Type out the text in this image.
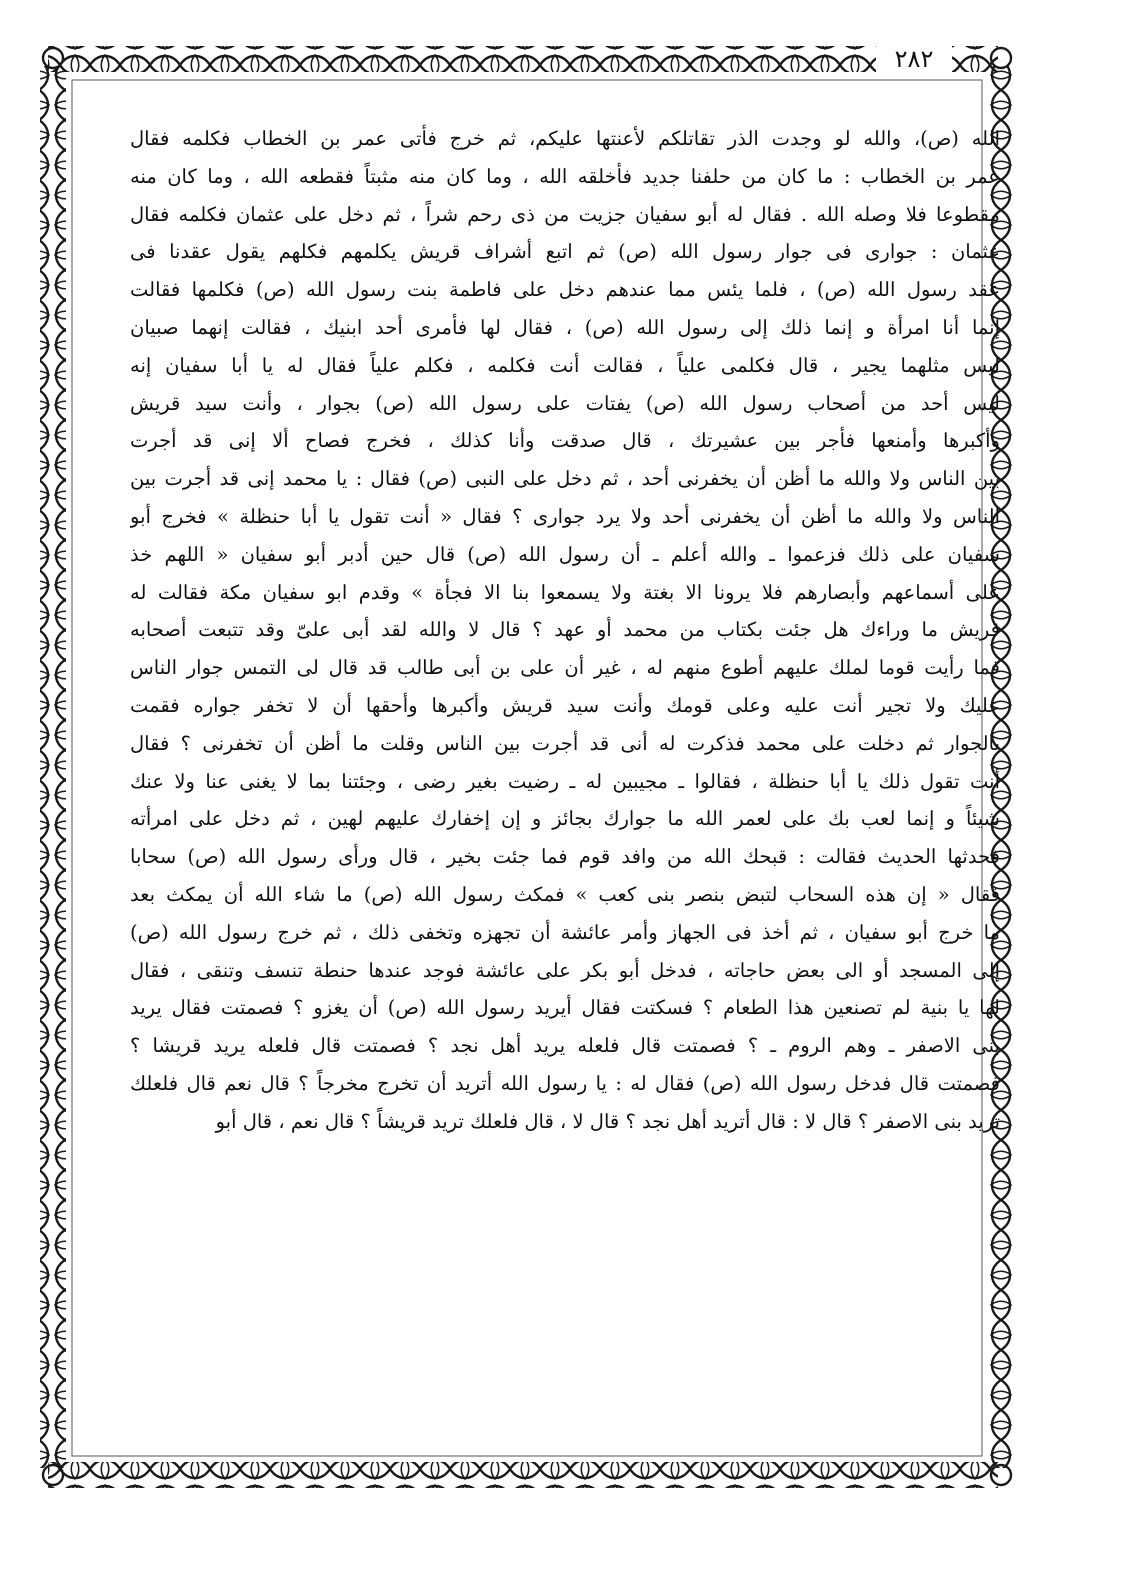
٢٨٢
الله (ص)، والله لو وجدت الذر تقاتلكم لأعنتها عليكم، ثم خرج فأتى عمر بن الخطاب فكلمه فقال
عمر بن الخطاب : ما كان من حلفنا جديد فأخلقه الله ، وما كان منه مثبتاً فقطعه الله ، وما كان منه
مقطوعا فلا وصله الله . فقال له أبو سفيان جزيت من ذى رحم شراً ، ثم دخل على عثمان فكلمه فقال
عثمان : جوارى فى جوار رسول الله (ص) ثم اتبع أشراف قريش يكلمهم فكلهم يقول عقدنا فى
عقد رسول الله (ص) ، فلما يئس مما عندهم دخل على فاطمة بنت رسول الله (ص) فكلمها فقالت
إنما أنا امرأة و إنما ذلك إلى رسول الله (ص) ، فقال لها فأمرى أحد ابنيك ، فقالت إنهما صبيان
ليس مثلهما يجير ، قال فكلمى علياً ، فقالت أنت فكلمه ، فكلم علياً فقال له يا أبا سفيان إنه
ليس أحد من أصحاب رسول الله (ص) يفتات على رسول الله (ص) بجوار ، وأنت سيد قريش
وأكبرها وأمنعها فأجر بين عشيرتك ، قال صدقت وأنا كذلك ، فخرج فصاح ألا إنى قد أجرت
بين الناس ولا والله ما أظن أن يخفرنى أحد ، ثم دخل على النبى (ص) فقال : يا محمد إنى قد أجرت بين
الناس ولا والله ما أظن أن يخفرنى أحد ولا يرد جوارى ؟ فقال « أنت تقول يا أبا حنظلة » فخرج أبو
سفيان على ذلك فزعموا ـ والله أعلم ـ أن رسول الله (ص) قال حين أدبر أبو سفيان « اللهم خذ
على أسماعهم وأبصارهم فلا يرونا الا بغتة ولا يسمعوا بنا الا فجأة » وقدم ابو سفيان مكة فقالت له
قريش ما وراءك هل جئت بكتاب من محمد أو عهد ؟ قال لا والله لقد أبى علىّ وقد تتبعت أصحابه
فما رأيت قوما لملك عليهم أطوع منهم له ، غير أن على بن أبى طالب قد قال لى التمس جوار الناس
عليك ولا تجير أنت عليه وعلى قومك وأنت سيد قريش وأكبرها وأحقها أن لا تخفر جواره فقمت
بالجوار ثم دخلت على محمد فذكرت له أنى قد أجرت بين الناس وقلت ما أظن أن تخفرنى ؟ فقال
أنت تقول ذلك يا أبا حنظلة ، فقالوا ـ مجيبين له ـ رضيت بغير رضى ، وجئتنا بما لا يغنى عنا ولا عنك
شيئاً و إنما لعب بك على لعمر الله ما جوارك بجائز و إن إخفارك عليهم لهين ، ثم دخل على امرأته
فحدثها الحديث فقالت : قبحك الله من وافد قوم فما جئت بخير ، قال ورأى رسول الله (ص) سحابا
فقال « إن هذه السحاب لتبض بنصر بنى كعب » فمكث رسول الله (ص) ما شاء الله أن يمكث بعد
ما خرج أبو سفيان ، ثم أخذ فى الجهاز وأمر عائشة أن تجهزه وتخفى ذلك ، ثم خرج رسول الله (ص)
إلى المسجد أو الى بعض حاجاته ، فدخل أبو بكر على عائشة فوجد عندها حنطة تنسف وتنقى ، فقال
لها يا بنية لم تصنعين هذا الطعام ؟ فسكتت فقال أيريد رسول الله (ص) أن يغزو ؟ فصمتت فقال يريد
بنى الاصفر ـ وهم الروم ـ ؟ فصمتت قال فلعله يريد أهل نجد ؟ فصمتت قال فلعله يريد قريشا ؟
فصمتت قال فدخل رسول الله (ص) فقال له : يا رسول الله أتريد أن تخرج مخرجاً ؟ قال نعم قال فلعلك
تريد بنى الاصفر ؟ قال لا : قال أتريد أهل نجد ؟ قال لا ، قال فلعلك تريد قريشاً ؟ قال نعم ، قال أبو
